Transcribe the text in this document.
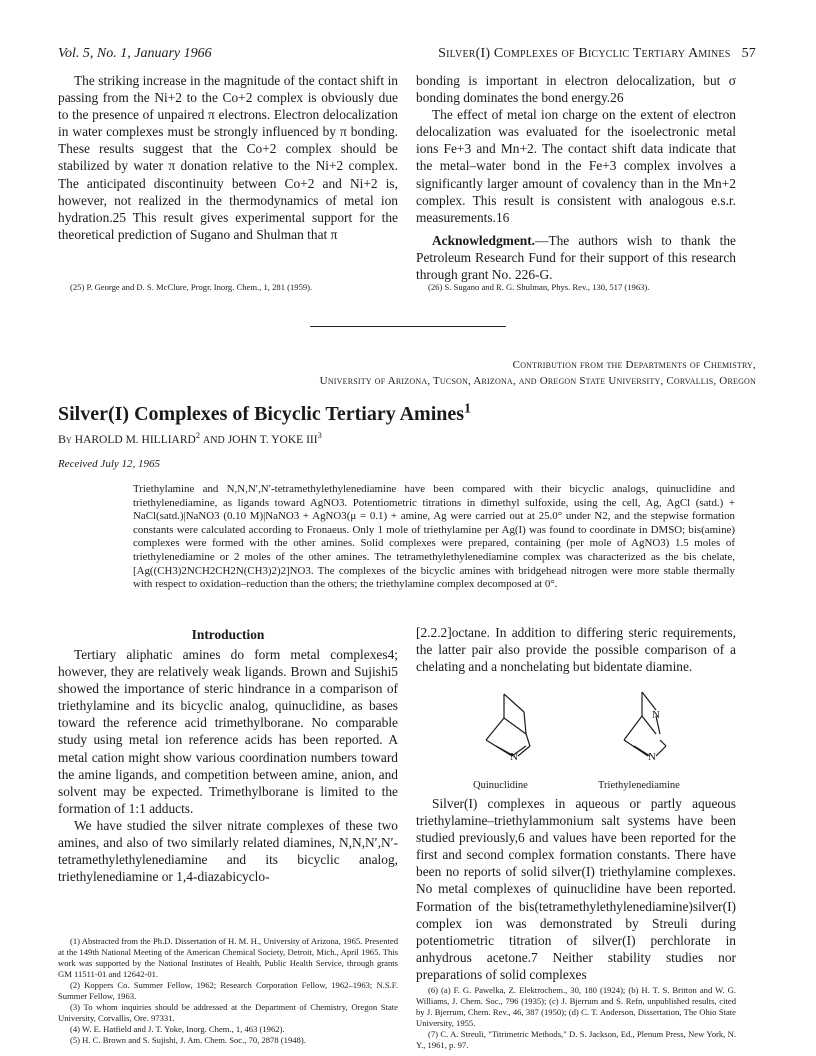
Vol. 5, No. 1, January 1966	Silver(I) Complexes of Bicyclic Tertiary Amines   57

The striking increase in the magnitude of the contact shift in passing from the Ni+2 to the Co+2 complex is obviously due to the presence of unpaired π electrons. Electron delocalization in water complexes must be strongly influenced by π bonding. These results suggest that the Co+2 complex should be stabilized by water π donation relative to the Ni+2 complex. The anticipated discontinuity between Co+2 and Ni+2 is, however, not realized in the thermodynamics of metal ion hydration.25 This result gives experimental support for the theoretical prediction of Sugano and Shulman that π

(25) P. George and D. S. McClure, Progr. Inorg. Chem., 1, 281 (1959).

bonding is important in electron delocalization, but σ bonding dominates the bond energy.26

The effect of metal ion charge on the extent of electron delocalization was evaluated for the isoelectronic metal ions Fe+3 and Mn+2. The contact shift data indicate that the metal–water bond in the Fe+3 complex involves a significantly larger amount of covalency than in the Mn+2 complex. This result is consistent with analogous e.s.r. measurements.16

Acknowledgment.—The authors wish to thank the Petroleum Research Fund for their support of this research through grant No. 226-G.

(26) S. Sugano and R. G. Shulman, Phys. Rev., 130, 517 (1963).

Contribution from the Departments of Chemistry,
University of Arizona, Tucson, Arizona, and Oregon State University, Corvallis, Oregon
Silver(I) Complexes of Bicyclic Tertiary Amines$^1$
By HAROLD M. HILLIARD$^2$ AND JOHN T. YOKE III$^3$
Received July 12, 1965
Triethylamine and N,N,N′,N′-tetramethylethylenediamine have been compared with their bicyclic analogs, quinuclidine and triethylenediamine, as ligands toward AgNO3. Potentiometric titrations in dimethyl sulfoxide, using the cell, Ag, AgCl (satd.) + NaCl(satd.)|NaNO3 (0.10 M)|NaNO3 + AgNO3(μ = 0.1) + amine, Ag were carried out at 25.0° under N2, and the stepwise formation constants were calculated according to Fronaeus. Only 1 mole of triethylamine per Ag(I) was found to coordinate in DMSO; bis(amine) complexes were formed with the other amines. Solid complexes were prepared, containing (per mole of AgNO3) 1.5 moles of triethylenediamine or 2 moles of the other amines. The tetramethylethylenediamine complex was characterized as the bis chelate, [Ag((CH3)2NCH2CH2N(CH3)2)2]NO3. The complexes of the bicyclic amines with bridgehead nitrogen were more stable thermally with respect to oxidation–reduction than the others; the triethylamine complex decomposed at 0°.
Introduction

Tertiary aliphatic amines do form metal complexes4; however, they are relatively weak ligands. Brown and Sujishi5 showed the importance of steric hindrance in a comparison of triethylamine and its bicyclic analog, quinuclidine, as bases toward the reference acid trimethylborane. No comparable study using metal ion reference acids has been reported. A metal cation might show various coordination numbers toward the amine ligands, and competition between amine, anion, and solvent may be expected. Trimethylborane is limited to the formation of 1:1 adducts.

We have studied the silver nitrate complexes of these two amines, and also of two similarly related diamines, N,N,N′,N′-tetramethylethylenediamine and its bicyclic analog, triethylenediamine or 1,4-diazabicyclo-

(1) Abstracted from the Ph.D. Dissertation of H. M. H., University of Arizona, 1965. Presented at the 149th National Meeting of the American Chemical Society, Detroit, Mich., April 1965. This work was supported by the National Institutes of Health, Public Health Service, through grants GM 11511-01 and 12642-01.

(2) Koppers Co. Summer Fellow, 1962; Research Corporation Fellow, 1962–1963; N.S.F. Summer Fellow, 1963.

(3) To whom inquiries should be addressed at the Department of Chemistry, Oregon State University, Corvallis, Ore. 97331.

(4) W. E. Hatfield and J. T. Yoke, Inorg. Chem., 1, 463 (1962).

(5) H. C. Brown and S. Sujishi, J. Am. Chem. Soc., 70, 2878 (1948).

[2.2.2]octane. In addition to differing steric requirements, the latter pair also provide the possible comparison of a chelating and a nonchelating but bidentate diamine.

N
N
N
Quinuclidine	Triethylenediamine

Silver(I) complexes in aqueous or partly aqueous triethylamine–triethylammonium salt systems have been studied previously,6 and values have been reported for the first and second complex formation constants. There have been no reports of solid silver(I) triethylamine complexes. No metal complexes of quinuclidine have been reported. Formation of the bis(tetramethylethylenediamine)silver(I) complex ion was demonstrated by Streuli during potentiometric titration of silver(I) perchlorate in anhydrous acetone.7 Neither stability studies nor preparations of solid complexes

(6) (a) F. G. Pawelka, Z. Elektrochem., 30, 180 (1924); (b) H. T. S. Britton and W. G. Williams, J. Chem. Soc., 796 (1935); (c) J. Bjerrum and S. Refn, unpublished results, cited by J. Bjerrum, Chem. Rev., 46, 387 (1950); (d) C. T. Anderson, Dissertation, The Ohio State University, 1955.

(7) C. A. Streuli, "Titrimetric Methods," D. S. Jackson, Ed., Plenum Press, New York, N. Y., 1961, p. 97.
